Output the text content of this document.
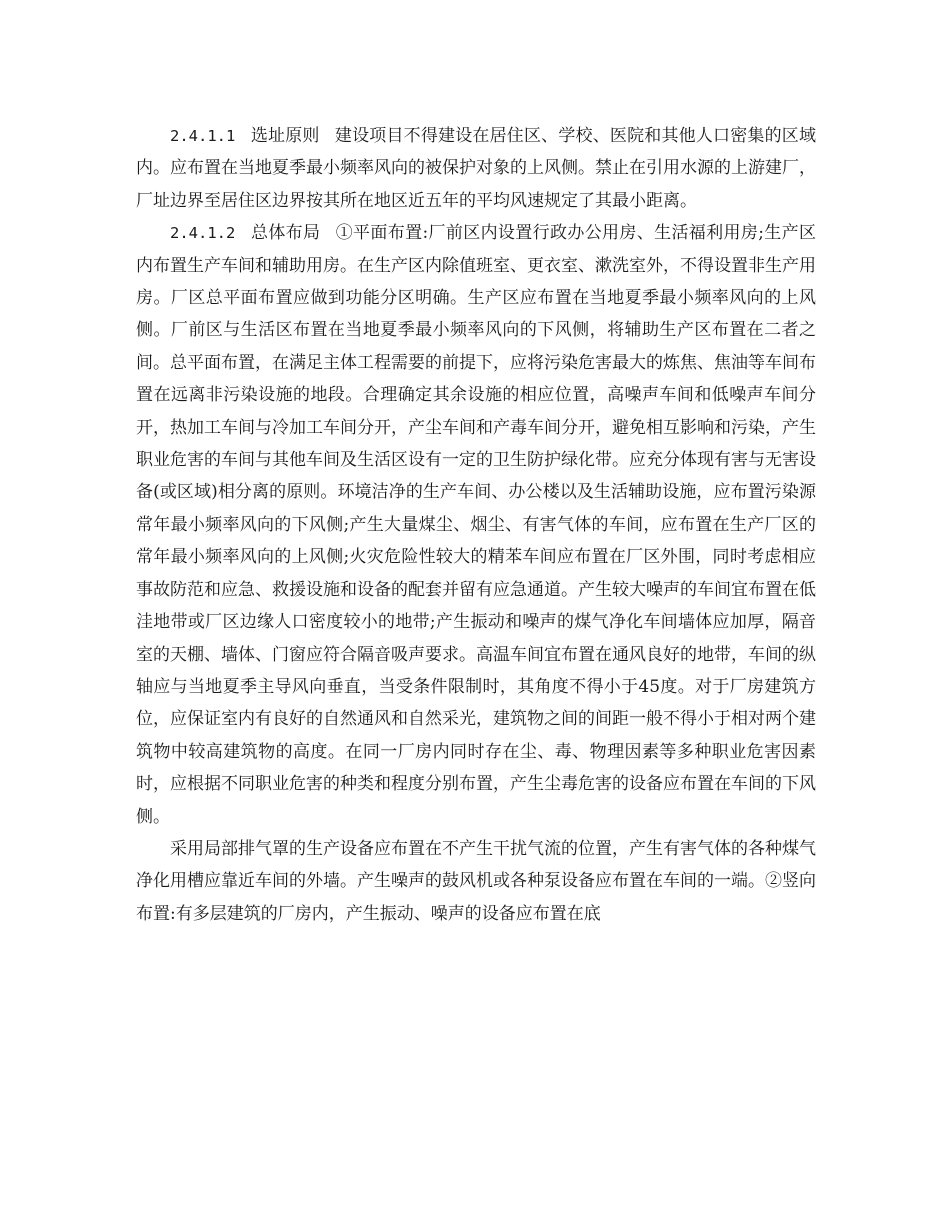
2.4.1.1 选址原则 建设项目不得建设在居住区、学校、医院和其他人口密集的区域内。应布置在当地夏季最小频率风向的被保护对象的上风侧。禁止在引用水源的上游建厂，厂址边界至居住区边界按其所在地区近五年的平均风速规定了其最小距离。

2.4.1.2 总体布局 ①平面布置:厂前区内设置行政办公用房、生活福利用房;生产区内布置生产车间和辅助用房。在生产区内除值班室、更衣室、漱洗室外，不得设置非生产用房。厂区总平面布置应做到功能分区明确。生产区应布置在当地夏季最小频率风向的上风侧。厂前区与生活区布置在当地夏季最小频率风向的下风侧，将辅助生产区布置在二者之间。总平面布置，在满足主体工程需要的前提下，应将污染危害最大的炼焦、焦油等车间布置在远离非污染设施的地段。合理确定其余设施的相应位置，高噪声车间和低噪声车间分开，热加工车间与冷加工车间分开，产尘车间和产毒车间分开，避免相互影响和污染，产生职业危害的车间与其他车间及生活区设有一定的卫生防护绿化带。应充分体现有害与无害设备(或区域)相分离的原则。环境洁净的生产车间、办公楼以及生活辅助设施，应布置污染源常年最小频率风向的下风侧;产生大量煤尘、烟尘、有害气体的车间，应布置在生产厂区的常年最小频率风向的上风侧;火灾危险性较大的精苯车间应布置在厂区外围，同时考虑相应事故防范和应急、救援设施和设备的配套并留有应急通道。产生较大噪声的车间宜布置在低洼地带或厂区边缘人口密度较小的地带;产生振动和噪声的煤气净化车间墙体应加厚，隔音室的天棚、墙体、门窗应符合隔音吸声要求。高温车间宜布置在通风良好的地带，车间的纵轴应与当地夏季主导风向垂直，当受条件限制时，其角度不得小于45度。对于厂房建筑方位，应保证室内有良好的自然通风和自然采光，建筑物之间的间距一般不得小于相对两个建筑物中较高建筑物的高度。在同一厂房内同时存在尘、毒、物理因素等多种职业危害因素时，应根据不同职业危害的种类和程度分别布置，产生尘毒危害的设备应布置在车间的下风侧。

采用局部排气罩的生产设备应布置在不产生干扰气流的位置，产生有害气体的各种煤气净化用槽应靠近车间的外墙。产生噪声的鼓风机或各种泵设备应布置在车间的一端。②竖向布置:有多层建筑的厂房内，产生振动、噪声的设备应布置在底
